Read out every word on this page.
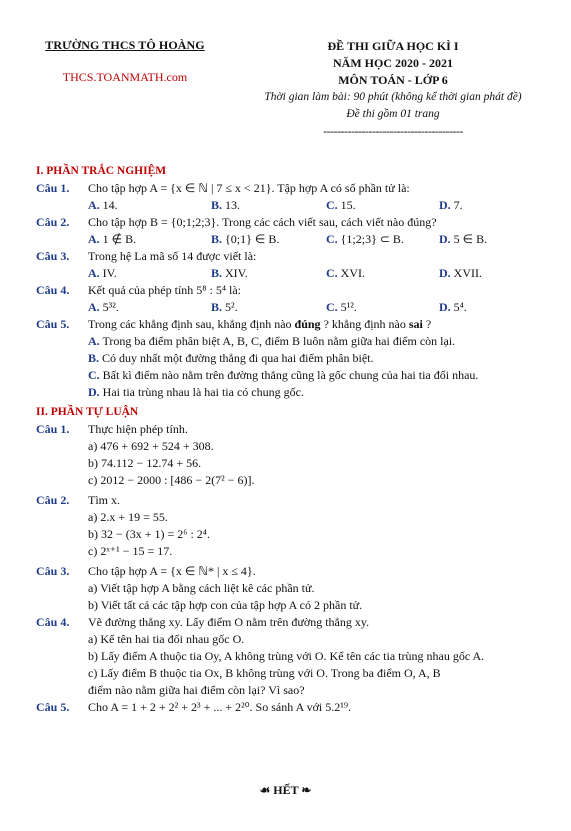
TRƯỜNG THCS TÔ HOÀNG
THCS.TOANMATH.com
ĐỀ THI GIỮA HỌC KÌ I
NĂM HỌC 2020 - 2021
MÔN TOÁN - LỚP 6
Thời gian làm bài: 90 phút (không kể thời gian phát đề)
Đề thi gồm 01 trang
----------------------------------------
I. PHẦN TRẮC NGHIỆM
Câu 1.	Cho tập hợp A = {x ∈ ℕ | 7 ≤ x < 21}. Tập hợp A có số phần tử là:
A. 14.	B. 13.	C. 15.	D. 7.
Câu 2.	Cho tập hợp B = {0;1;2;3}. Trong các cách viết sau, cách viết nào đúng?
A. 1 ∉ B.	B. {0;1} ∈ B.	C. {1;2;3} ⊂ B.	D. 5 ∈ B.
Câu 3.	Trong hệ La mã số 14 được viết là:
A. IV.	B. XIV.	C. XVI.	D. XVII.
Câu 4.	Kết quả của phép tính 5⁸ : 5⁴ là:
A. 5³².	B. 5².	C. 5¹².	D. 5⁴.
Câu 5.	Trong các khẳng định sau, khẳng định nào đúng ? khẳng định nào sai ?
A. Trong ba điểm phân biệt A, B, C, điểm B luôn nằm giữa hai điểm còn lại.
B. Có duy nhất một đường thẳng đi qua hai điểm phân biệt.
C. Bất kì điểm nào nằm trên đường thẳng cũng là gốc chung của hai tia đối nhau.
D. Hai tia trùng nhau là hai tia có chung gốc.
II. PHẦN TỰ LUẬN
Câu 1.	Thực hiện phép tính.
a) 476 + 692 + 524 + 308.
b) 74.112 − 12.74 + 56.
c) 2012 − 2000 : [486 − 2(7² − 6)].
Câu 2.	Tìm x.
a) 2.x + 19 = 55.
b) 32 − (3x + 1) = 2⁶ : 2⁴.
c) 2ˣ⁺¹ − 15 = 17.
Câu 3.	Cho tập hợp A = {x ∈ ℕ* | x ≤ 4}.
a) Viết tập hợp A bằng cách liệt kê các phần tử.
b) Viết tất cả các tập hợp con của tập hợp A có 2 phần tử.
Câu 4.	Vẽ đường thẳng xy. Lấy điểm O nằm trên đường thẳng xy.
a) Kể tên hai tia đối nhau gốc O.
b) Lấy điểm A thuộc tia Oy, A không trùng với O. Kể tên các tia trùng nhau gốc A.
c) Lấy điểm B thuộc tia Ox, B không trùng với O. Trong ba điểm O, A, B
điểm nào nằm giữa hai điểm còn lại? Vì sao?
Câu 5.	Cho A = 1 + 2 + 2² + 2³ + ... + 2²⁰. So sánh A với 5.2¹⁹.
☙ HẾT ❧
